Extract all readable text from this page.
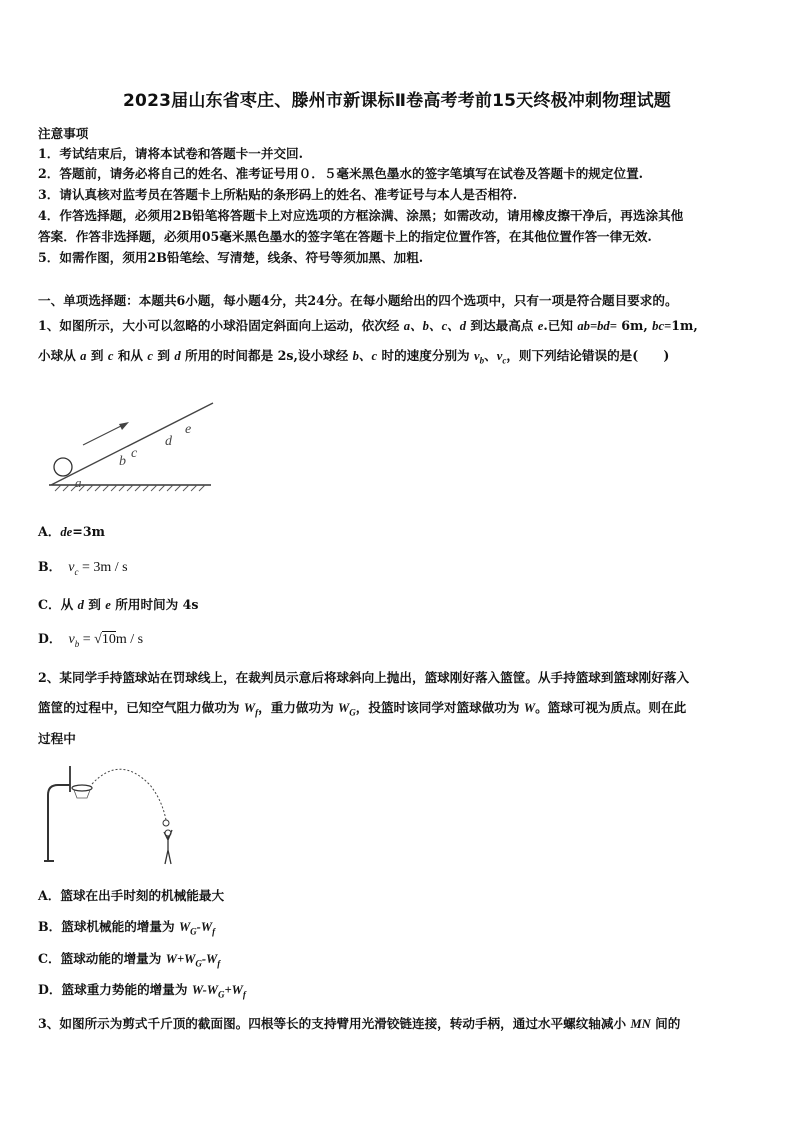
2023届山东省枣庄、滕州市新课标Ⅱ卷高考考前15天终极冲刺物理试题
注意事项
1．考试结束后，请将本试卷和答题卡一并交回.
2．答题前，请务必将自己的姓名、准考证号用０．５毫米黑色墨水的签字笔填写在试卷及答题卡的规定位置.
3．请认真核对监考员在答题卡上所粘贴的条形码上的姓名、准考证号与本人是否相符.
4．作答选择题，必须用2B铅笔将答题卡上对应选项的方框涂满、涂黑；如需改动，请用橡皮擦干净后，再选涂其他
答案．作答非选择题，必须用05毫米黑色墨水的签字笔在答题卡上的指定位置作答，在其他位置作答一律无效.
5．如需作图，须用2B铅笔绘、写清楚，线条、符号等须加黑、加粗.
一、单项选择题：本题共6小题，每小题4分，共24分。在每小题给出的四个选项中，只有一项是符合题目要求的。
1、如图所示，大小可以忽略的小球沿固定斜面向上运动，依次经 a、b、c、d 到达最高点 e.已知 ab=bd= 6m, bc=1m,
小球从 a 到 c 和从 c 到 d 所用的时间都是 2s,设小球经 b、c 时的速度分别为 $v_b$、$v_c$，则下列结论错误的是(　　)
a
b
c
d
e
A．de=3m
B． $v_c = 3m / s$
C．从 d 到 e 所用时间为 4s
D． $v_b = √10m / s$
2、某同学手持篮球站在罚球线上，在裁判员示意后将球斜向上抛出，篮球刚好落入篮筐。从手持篮球到篮球刚好落入
篮筐的过程中，已知空气阻力做功为 $W_f$，重力做功为 $W_G$，投篮时该同学对篮球做功为 W。篮球可视为质点。则在此
过程中
A．篮球在出手时刻的机械能最大
B．篮球机械能的增量为 $W_G-W_f$
C．篮球动能的增量为 $W+W_G-W_f$
D．篮球重力势能的增量为 $W-W_G+W_f$
3、如图所示为剪式千斤顶的截面图。四根等长的支持臂用光滑铰链连接，转动手柄，通过水平螺纹轴减小 MN 间的
